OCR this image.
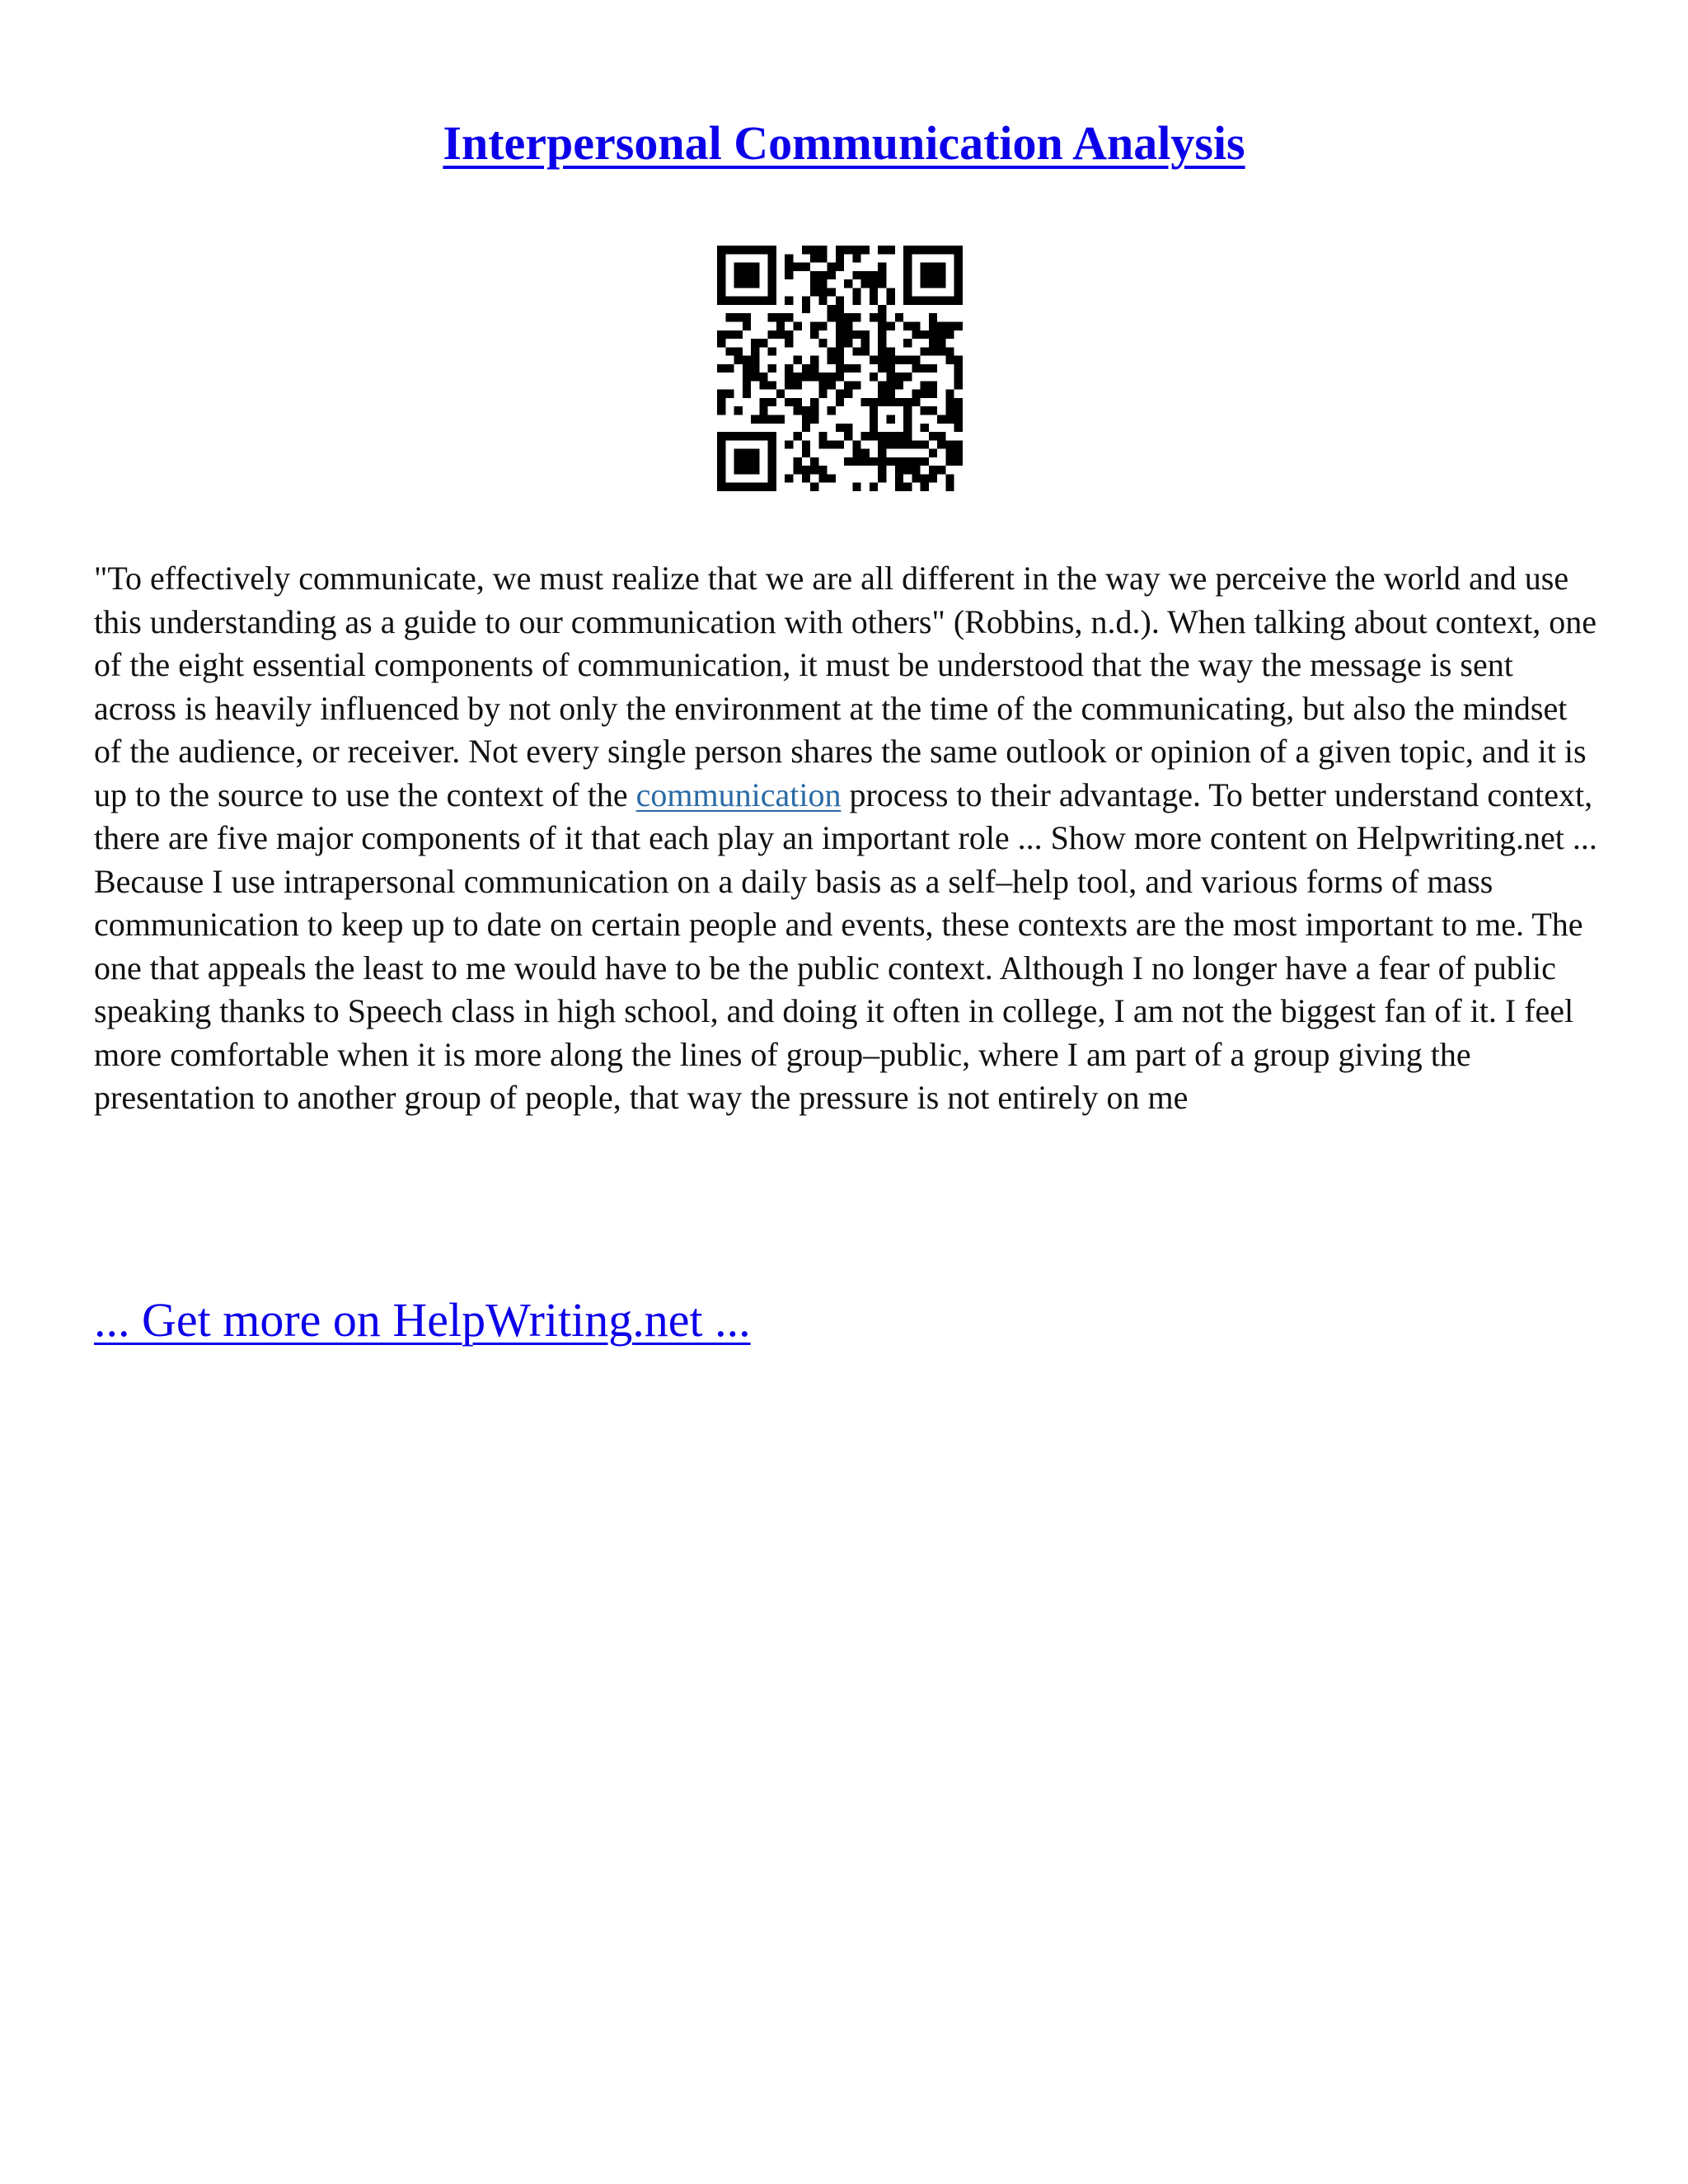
Interpersonal Communication Analysis

"To effectively communicate, we must realize that we are all different in the way we perceive the world and use this understanding as a guide to our communication with others" (Robbins, n.d.). When talking about context, one of the eight essential components of communication, it must be understood that the way the message is sent across is heavily influenced by not only the environment at the time of the communicating, but also the mindset of the audience, or receiver. Not every single person shares the same outlook or opinion of a given topic, and it is up to the source to use the context of the communication process to their advantage. To better understand context, there are five major components of it that each play an important role ... Show more content on Helpwriting.net ...

Because I use intrapersonal communication on a daily basis as a self–help tool, and various forms of mass communication to keep up to date on certain people and events, these contexts are the most important to me. The one that appeals the least to me would have to be the public context. Although I no longer have a fear of public speaking thanks to Speech class in high school, and doing it often in college, I am not the biggest fan of it. I feel more comfortable when it is more along the lines of group–public, where I am part of a group giving the presentation to another group of people, that way the pressure is not entirely on me

... Get more on HelpWriting.net ...
